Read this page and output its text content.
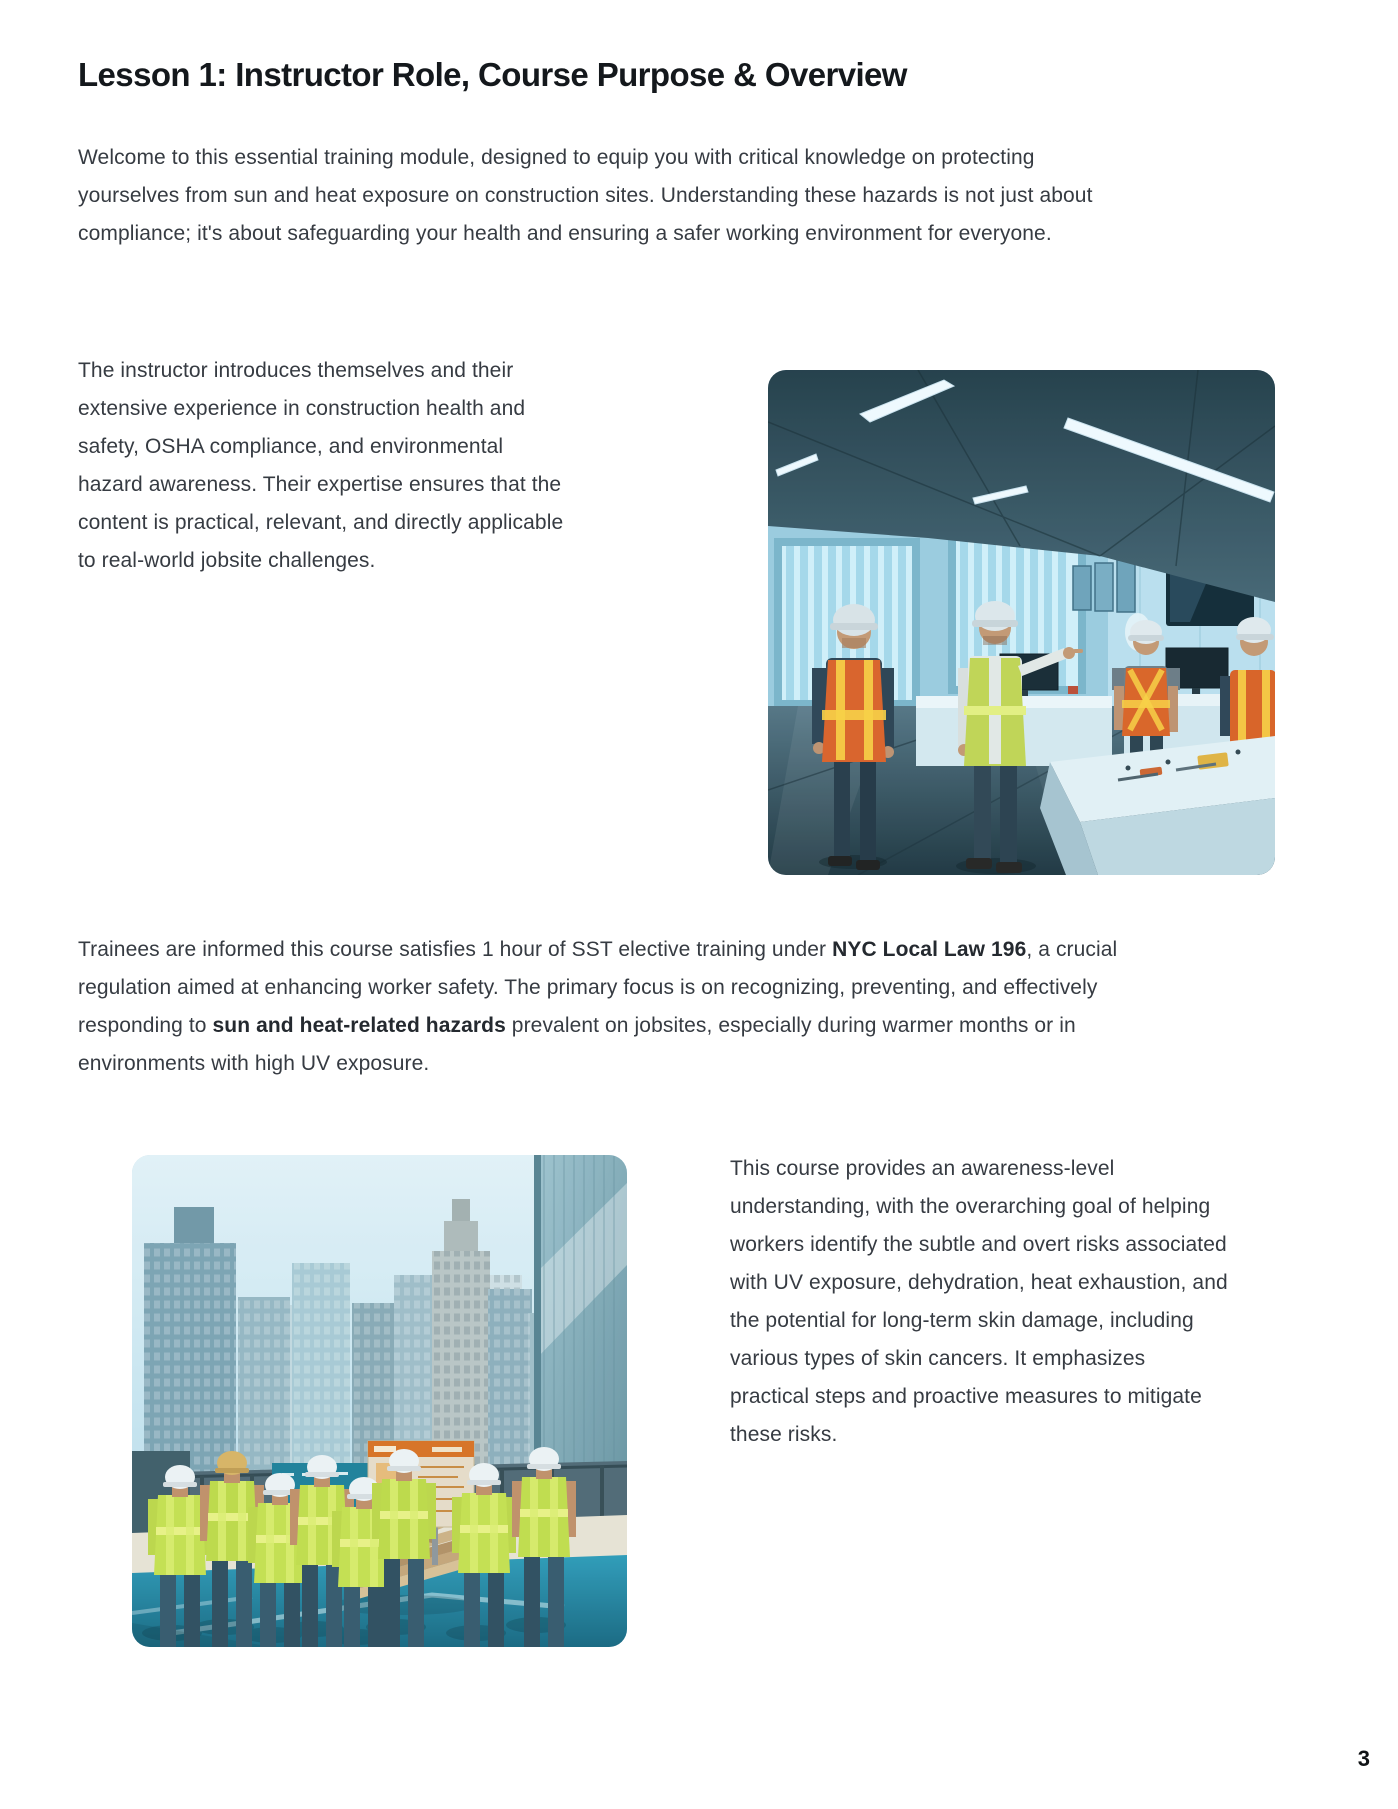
Lesson 1: Instructor Role, Course Purpose & Overview
Welcome to this essential training module, designed to equip you with critical knowledge on protecting yourselves from sun and heat exposure on construction sites. Understanding these hazards is not just about compliance; it's about safeguarding your health and ensuring a safer working environment for everyone.
The instructor introduces themselves and their extensive experience in construction health and safety, OSHA compliance, and environmental hazard awareness. Their expertise ensures that the content is practical, relevant, and directly applicable to real-world jobsite challenges.
Trainees are informed this course satisfies 1 hour of SST elective training under NYC Local Law 196, a crucial regulation aimed at enhancing worker safety. The primary focus is on recognizing, preventing, and effectively responding to sun and heat-related hazards prevalent on jobsites, especially during warmer months or in environments with high UV exposure.
This course provides an awareness-level understanding, with the overarching goal of helping workers identify the subtle and overt risks associated with UV exposure, dehydration, heat exhaustion, and the potential for long-term skin damage, including various types of skin cancers. It emphasizes practical steps and proactive measures to mitigate these risks.
3
